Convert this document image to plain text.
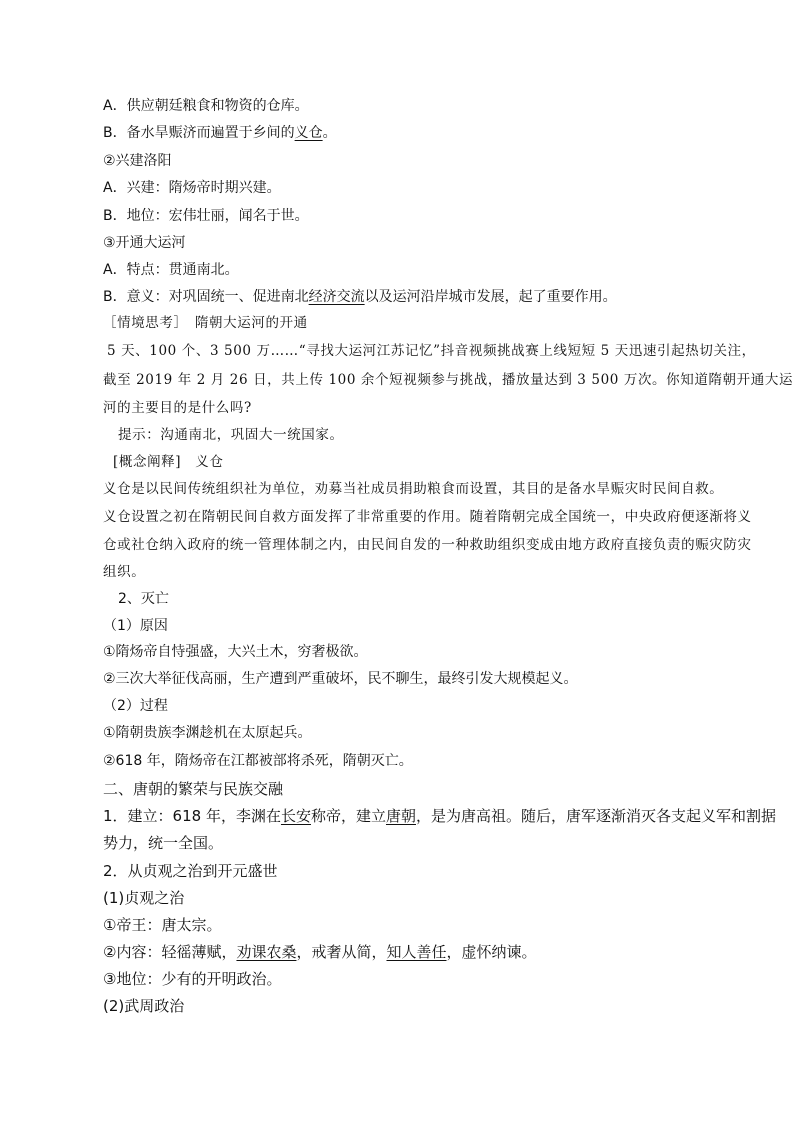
A．供应朝廷粮食和物资的仓库。
B．备水旱赈济而遍置于乡间的义仓。
②兴建洛阳
A．兴建：隋炀帝时期兴建。
B．地位：宏伟壮丽，闻名于世。
③开通大运河
A．特点：贯通南北。
B．意义：对巩固统一、促进南北经济交流以及运河沿岸城市发展，起了重要作用。
［情境思考］　隋朝大运河的开通
5 天、100 个、3 500 万……“寻找大运河江苏记忆”抖音视频挑战赛上线短短 5 天迅速引起热切关注，
截至 2019 年 2 月 26 日，共上传 100 余个短视频参与挑战，播放量达到 3 500 万次。你知道隋朝开通大运
河的主要目的是什么吗?
提示：沟通南北，巩固大一统国家。
[概念阐释]　义仓
义仓是以民间传统组织社为单位，劝募当社成员捐助粮食而设置，其目的是备水旱赈灾时民间自救。
义仓设置之初在隋朝民间自救方面发挥了非常重要的作用。随着隋朝完成全国统一，中央政府便逐渐将义
仓或社仓纳入政府的统一管理体制之内，由民间自发的一种救助组织变成由地方政府直接负责的赈灾防灾
组织。
2、灭亡
（1）原因
①隋炀帝自恃强盛，大兴土木，穷奢极欲。
②三次大举征伐高丽，生产遭到严重破坏，民不聊生，最终引发大规模起义。
（2）过程
①隋朝贵族李渊趁机在太原起兵。
②618 年，隋炀帝在江都被部将杀死，隋朝灭亡。
二、唐朝的繁荣与民族交融
1．建立：618 年，李渊在长安称帝，建立唐朝，是为唐高祖。随后，唐军逐渐消灭各支起义军和割据
势力，统一全国。
2．从贞观之治到开元盛世
(1)贞观之治
①帝王：唐太宗。
②内容：轻徭薄赋，劝课农桑，戒奢从简，知人善任，虚怀纳谏。
③地位：少有的开明政治。
(2)武周政治
